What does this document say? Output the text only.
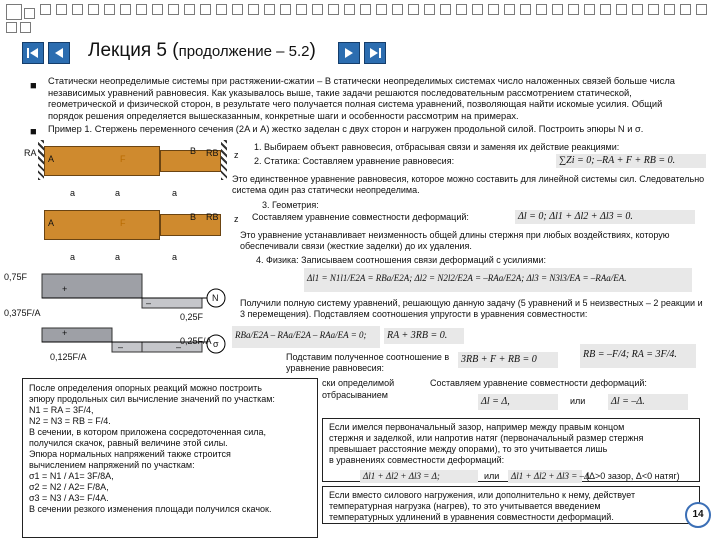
Лекция 5 (продолжение – 5.2)
■ Статически неопределимые системы при растяжении-сжатии – В статически неопределимых системах число наложенных связей больше числа независимых уравнений равновесия. Как указывалось выше, такие задачи решаются последовательным рассмотрением статической, геометрической и физической сторон, в результате чего получается полная система уравнений, позволяющая найти искомые усилия. Общий порядок решения определяется вышесказанным, конкретные шаги и особенности рассмотрим на примерах.
■ Пример 1. Стержень переменного сечения (2A и A) жестко заделан с двух сторон и нагружен продольной силой. Построить эпюры N и σ.
RA
A	F
B RB z
a	a	a
A	F
B RB z
a	a	a
0,75F
0,375F/A	0,25F
N
σ
0,25F/A
0,125F/A
+
–
+
–	–
1. Выбираем объект равновесия, отбрасывая связи и заменяя их действие реакциями:
2. Статика: Составляем уравнение равновесия:	∑Zi = 0; –RA + F + RB = 0.
Это единственное уравнение равновесия, которое можно составить для линейной системы сил. Следовательно система один раз статически неопределима.
3. Геометрия:
Составляем уравнение совместности деформаций:	Δl = 0; Δl1 + Δl2 + Δl3 = 0.
Это уравнение устанавливает неизменность общей длины стержня при любых воздействиях, которую обеспечивали связи (жесткие заделки) до их удаления.
4. Физика: Записываем соотношения связи деформаций с усилиями:
Δl1 = N1l1/E2A = RBa/E2A; Δl2 = N2l2/E2A = –RAa/E2A; Δl3 = N3l3/EA = –RAa/EA.
Получили полную систему уравнений, решающую данную задачу (5 уравнений и 5 неизвестных – 2 реакции и 3 перемещения). Подставляем соотношения упругости в уравнения совместности:
RBa/E2A – RAa/E2A – RAa/EA = 0;	RA + 3RB = 0.
Подставим полученное соотношение в уравнение равновесия:
3RB + F + RB = 0	RB = –F/4; RA = 3F/4.
ски определимой
отбрасыванием
Составляем уравнение совместности деформаций:
Δl = Δ,	или	Δl = –Δ.
После определения опорных реакций можно построить
эпюру продольных сил вычисление значений по участкам:
N1 = RA = 3F/4,
N2 = N3 = RB = F/4.
В сечении, в котором приложена сосредоточенная сила,
получился скачок, равный величине этой силы.
Эпюра нормальных напряжений также строится
вычислением напряжений по участкам:
σ1 = N1 / A1= 3F/8A,
σ2 = N2 / A2= F/8A,
σ3 = N3 / A3= F/4A.
В сечении резкого изменения площади получился скачок.
Если имелся первоначальный зазор, например между правым концом
стержня и заделкой, или напротив натяг (первоначальный размер стержня
превышает расстояние между опорами), то это учитывается лишь
в уравнениях совместности деформаций:
Δl1 + Δl2 + Δl3 = Δ;	или	Δl1 + Δl2 + Δl3 = –Δ
(Δ>0 зазор, Δ<0 натяг)
Если вместо силового нагружения, или дополнительно к нему, действует
температурная нагрузка (нагрев), то это учитывается введением
температурных удлинений в уравнения совместности деформаций.	14
